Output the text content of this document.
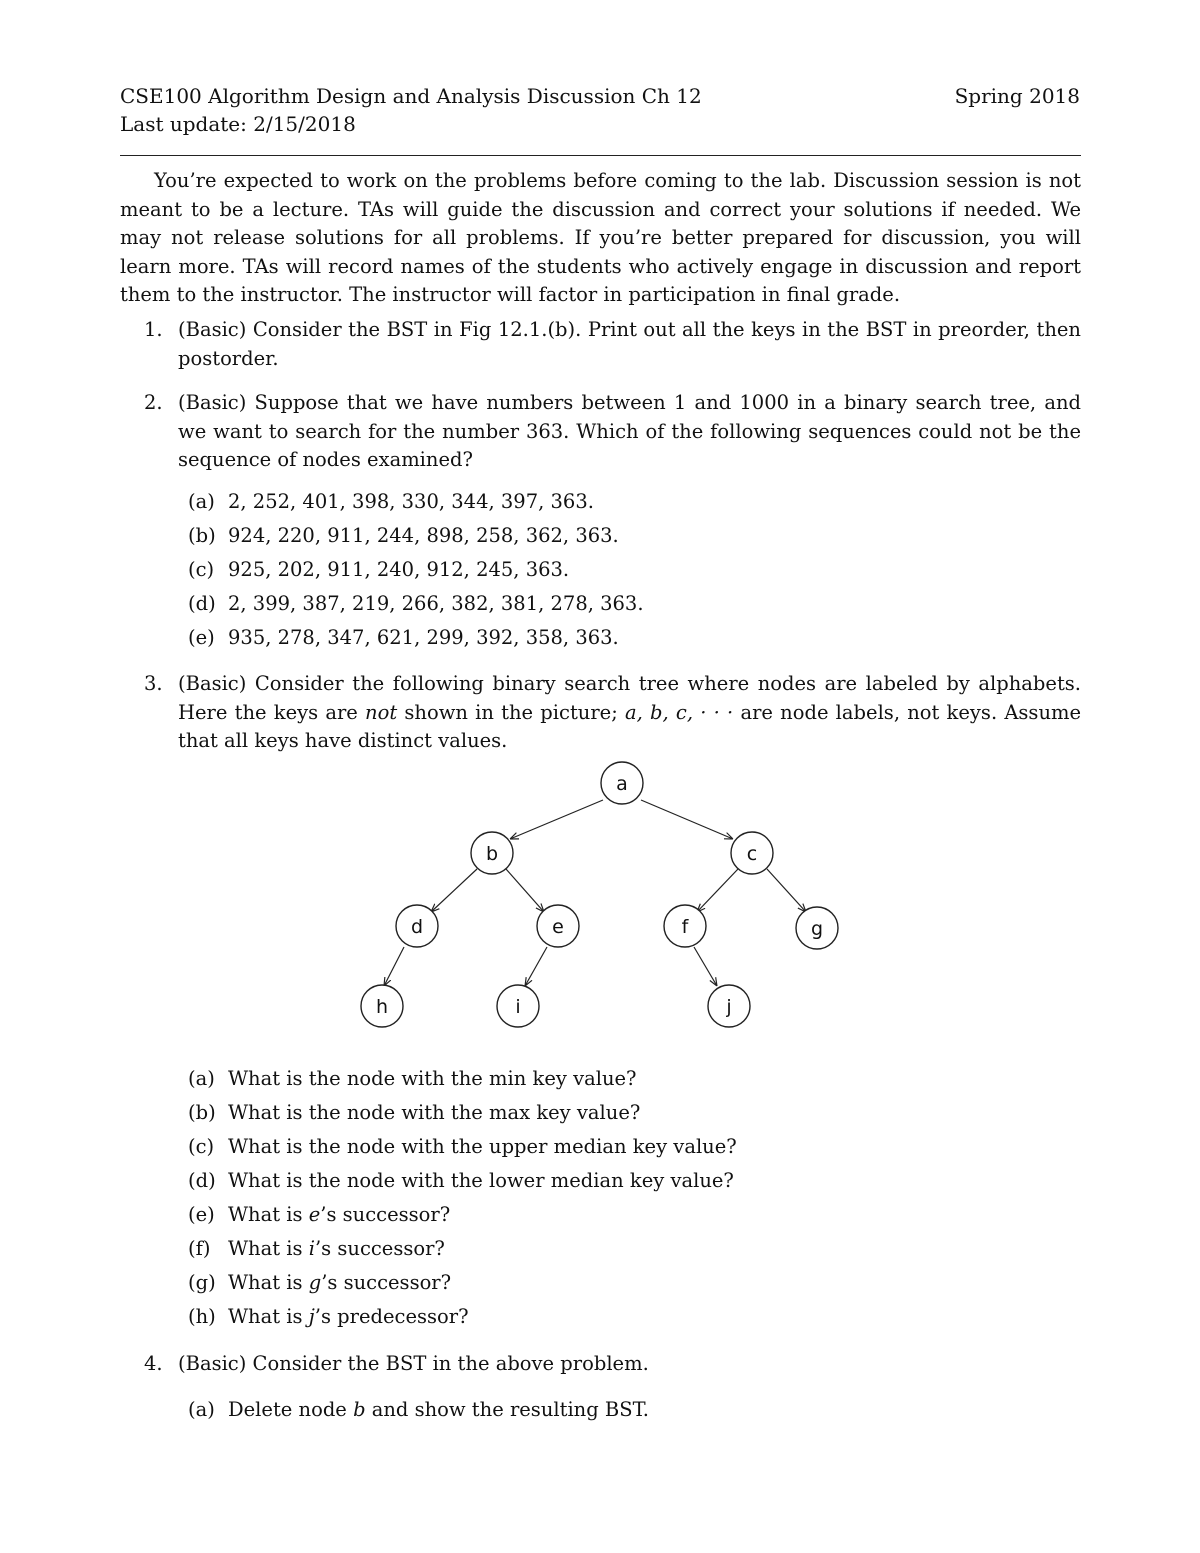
CSE100 Algorithm Design and Analysis Discussion Ch 12
Last update: 2/15/2018
Spring 2018

You’re expected to work on the problems before coming to the lab. Discussion session is not meant to be a lecture. TAs will guide the discussion and correct your solutions if needed. We may not release solutions for all problems. If you’re better prepared for discussion, you will learn more. TAs will record names of the students who actively engage in discussion and report them to the instructor. The instructor will factor in participation in final grade.

1. (Basic) Consider the BST in Fig 12.1.(b). Print out all the keys in the BST in preorder, then postorder.
2. (Basic) Suppose that we have numbers between 1 and 1000 in a binary search tree, and we want to search for the number 363. Which of the following sequences could not be the sequence of nodes examined?
(a) 2, 252, 401, 398, 330, 344, 397, 363.
(b) 924, 220, 911, 244, 898, 258, 362, 363.
(c) 925, 202, 911, 240, 912, 245, 363.
(d) 2, 399, 387, 219, 266, 382, 381, 278, 363.
(e) 935, 278, 347, 621, 299, 392, 358, 363.
3. (Basic) Consider the following binary search tree where nodes are labeled by alphabets. Here the keys are not shown in the picture; a, b, c, · · · are node labels, not keys. Assume that all keys have distinct values.
a
b	c
d	e	f	g
h	i	j
(a) What is the node with the min key value?
(b) What is the node with the max key value?
(c) What is the node with the upper median key value?
(d) What is the node with the lower median key value?
(e) What is e’s successor?
(f) What is i’s successor?
(g) What is g’s successor?
(h) What is j’s predecessor?
4. (Basic) Consider the BST in the above problem.
(a) Delete node b and show the resulting BST.
